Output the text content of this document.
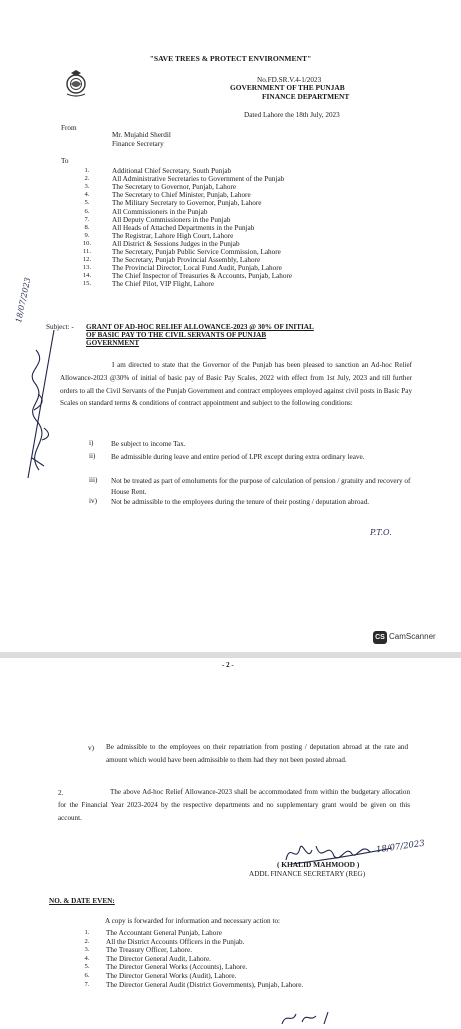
"SAVE TREES & PROTECT ENVIRONMENT"
No.FD.SR.V.4-1/2023
GOVERNMENT OF THE PUNJAB
FINANCE DEPARTMENT
Dated Lahore the 18th July, 2023
From
Mr. Mujahid Sherdil
Finance Secretary
To
1.	Additional Chief Secretary, South Punjab
2.	All Administrative Secretaries to Government of the Punjab
3.	The Secretary to Governor, Punjab, Lahore
4.	The Secretary to Chief Minister, Punjab, Lahore
5.	The Military Secretary to Governor, Punjab, Lahore
6.	All Commissioners in the Punjab
7.	All Deputy Commissioners in the Punjab
8.	All Heads of Attached Departments in the Punjab
9.	The Registrar, Lahore High Court, Lahore
10.	All District & Sessions Judges in the Punjab
11.	The Secretary, Punjab Public Service Commission, Lahore
12.	The Secretary, Punjab Provincial Assembly, Lahore
13.	The Provincial Director, Local Fund Audit, Punjab, Lahore
14.	The Chief Inspector of Treasuries & Accounts, Punjab, Lahore
15.	The Chief Pilot, VIP Flight, Lahore
18/07/2023
Subject: - GRANT OF AD-HOC RELIEF ALLOWANCE-2023 @ 30% OF INITIAL
OF BASIC PAY TO THE CIVIL SERVANTS OF PUNJAB
GOVERNMENT
I am directed to state that the Governor of the Punjab has been pleased to sanction an Ad-hoc Relief Allowance-2023 @30% of initial of basic pay of Basic Pay Scales, 2022 with effect from 1st July, 2023 and till further orders to all the Civil Servants of the Punjab Government and contract employees employed against civil posts in Basic Pay Scales on standard terms & conditions of contract appointment and subject to the following conditions:
i) Be subject to income Tax.
ii) Be admissible during leave and entire period of LPR except during extra ordinary leave.
iii) Not be treated as part of emoluments for the purpose of calculation of pension / gratuity and recovery of House Rent.
iv) Not be admissible to the employees during the tenure of their posting / deputation abroad.
P.T.O.
CS CamScanner
- 2 -
v) Be admissible to the employees on their repatriation from posting / deputation abroad at the rate and amount which would have been admissible to them had they not been posted abroad.
2.	The above Ad-hoc Relief Allowance-2023 shall be accommodated from within the budgetary allocation for the Financial Year 2023-2024 by the respective departments and no supplementary grant would be given on this account.
18/07/2023
( KHALID MAHMOOD )
ADDL FINANCE SECRETARY (REG)
NO. & DATE EVEN:
A copy is forwarded for information and necessary action to:
1.	The Accountant General Punjab, Lahore
2.	All the District Accounts Officers in the Punjab.
3.	The Treasury Officer, Lahore.
4.	The Director General Audit, Lahore.
5.	The Director General Works (Accounts), Lahore.
6.	The Director General Works (Audit), Lahore.
7.	The Director General Audit (District Governments), Punjab, Lahore.
